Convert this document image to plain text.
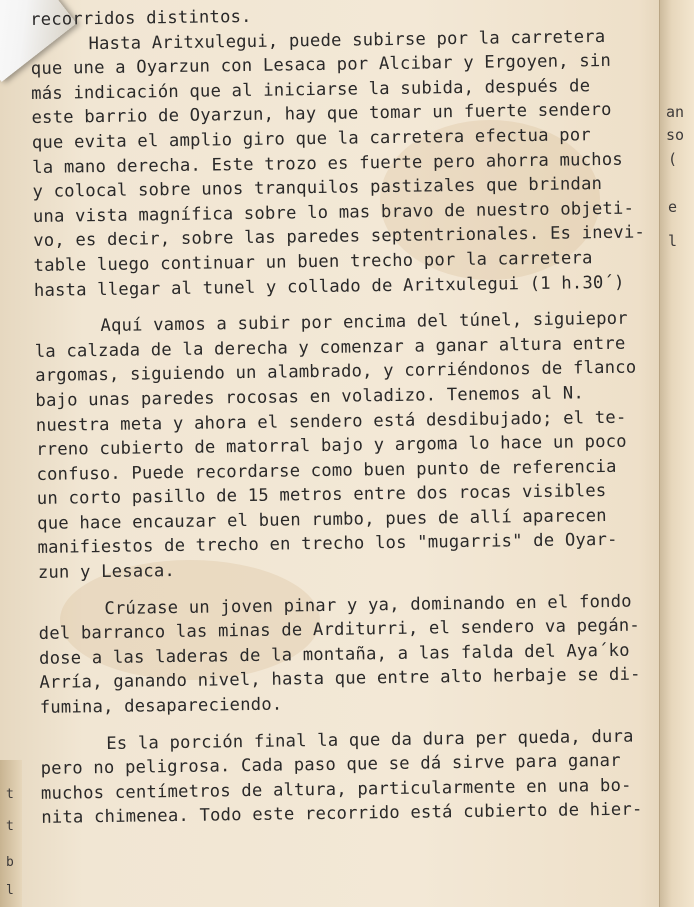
an
so
(
e
l
t
t
b
l
recorridos distintos.
Hasta Aritxulegui, puede subirse por la carretera
que une a Oyarzun con Lesaca por Alcibar y Ergoyen, sin
más indicación que al iniciarse la subida, después de
este barrio de Oyarzun, hay que tomar un fuerte sendero
que evita el amplio giro que la carretera efectua por
la mano derecha. Este trozo es fuerte pero ahorra muchos
y colocal sobre unos tranquilos pastizales que brindan
una vista magnífica sobre lo mas bravo de nuestro objeti-
vo, es decir, sobre las paredes septentrionales. Es inevi-
table luego continuar un buen trecho por la carretera
hasta llegar al tunel y collado de Aritxulegui (1 h.30´)
Aquí vamos a subir por encima del túnel, siguiepor
la calzada de la derecha y comenzar a ganar altura entre
argomas, siguiendo un alambrado, y corriéndonos de flanco
bajo unas paredes rocosas en voladizo. Tenemos al N.
nuestra meta y ahora el sendero está desdibujado; el te-
rreno cubierto de matorral bajo y argoma lo hace un poco
confuso. Puede recordarse como buen punto de referencia
un corto pasillo de 15 metros entre dos rocas visibles
que hace encauzar el buen rumbo, pues de allí aparecen
manifiestos de trecho en trecho los "mugarris" de Oyar-
zun y Lesaca.
Crúzase un joven pinar y ya, dominando en el fondo
del barranco las minas de Arditurri, el sendero va pegán-
dose a las laderas de la montaña, a las falda del Aya´ko
Arría, ganando nivel, hasta que entre alto herbaje se di-
fumina, desapareciendo.
Es la porción final la que da dura per queda, dura
pero no peligrosa. Cada paso que se dá sirve para ganar
muchos centímetros de altura, particularmente en una bo-
nita chimenea. Todo este recorrido está cubierto de hier-
